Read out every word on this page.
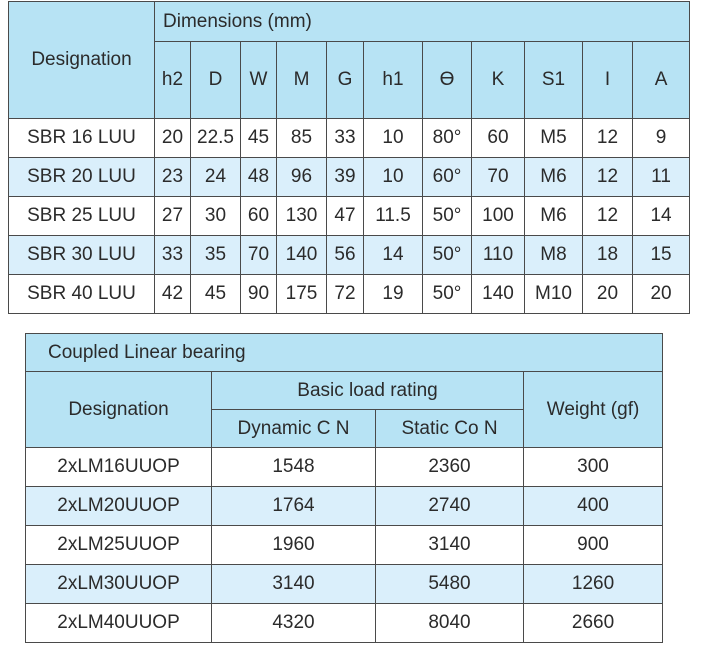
Designation	Dimensions (mm)										
	h2	D	W	M	G	h1	ϴ	K	S1	I	A
SBR 16 LUU	20	22.5	45	85	33	10	80°	60	M5	12	9
SBR 20 LUU	23	24	48	96	39	10	60°	70	M6	12	11
SBR 25 LUU	27	30	60	130	47	11.5	50°	100	M6	12	14
SBR 30 LUU	33	35	70	140	56	14	50°	110	M8	18	15
SBR 40 LUU	42	45	90	175	72	19	50°	140	M10	20	20
Coupled Linear bearing			
Designation	Basic load rating		Weight (gf)
	Dynamic C N	Static Co N	
2xLM16UUOP	1548	2360	300
2xLM20UUOP	1764	2740	400
2xLM25UUOP	1960	3140	900
2xLM30UUOP	3140	5480	1260
2xLM40UUOP	4320	8040	2660
